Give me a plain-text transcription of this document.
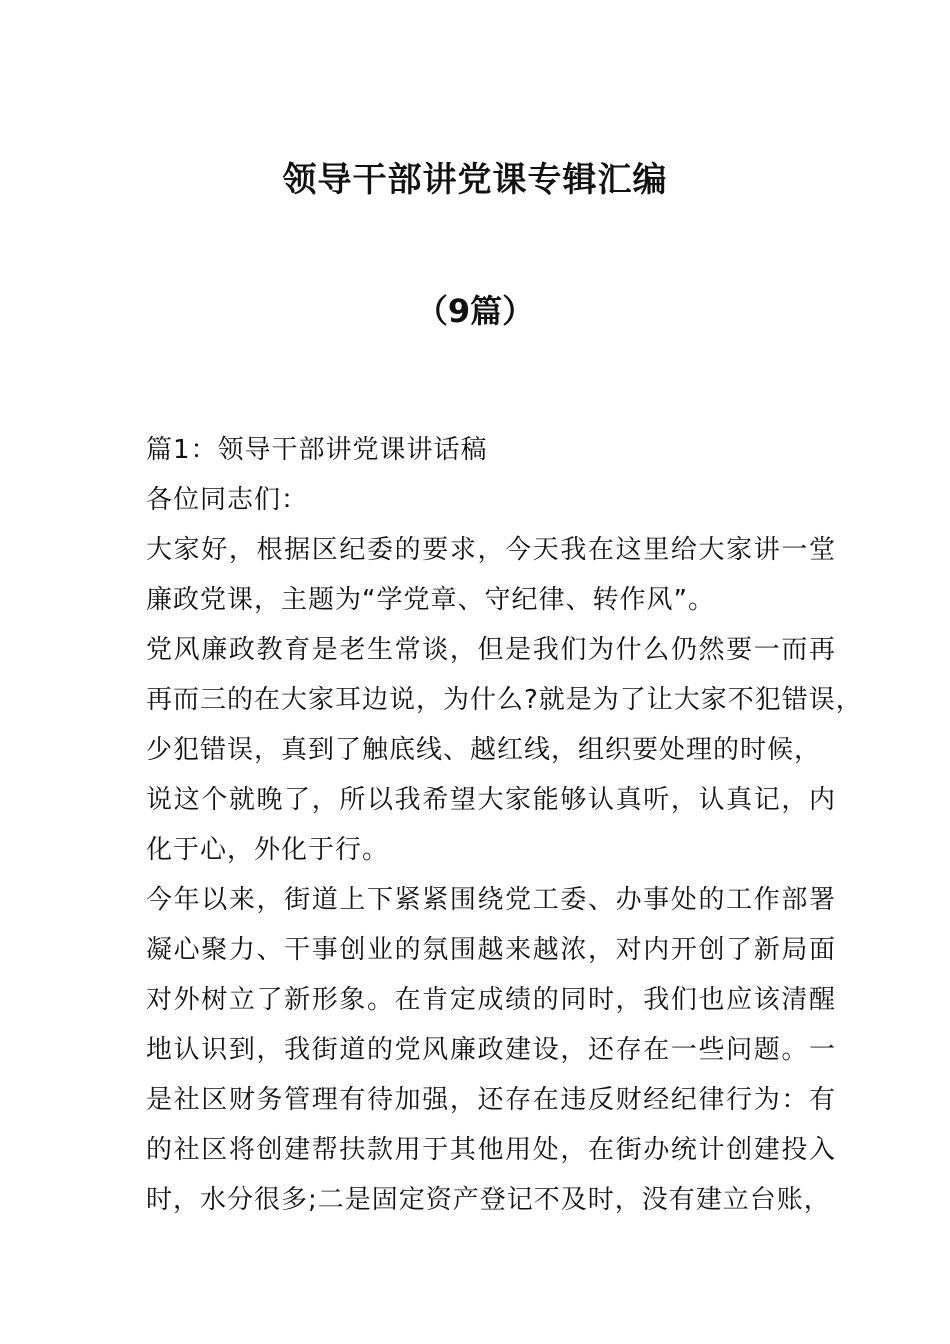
领导干部讲党课专辑汇编
（9篇）
篇1：领导干部讲党课讲话稿
各位同志们：
大家好，根据区纪委的要求，今天我在这里给大家讲一堂
廉政党课，主题为“学党章、守纪律、转作风”。
党风廉政教育是老生常谈，但是我们为什么仍然要一而再
再而三的在大家耳边说，为什么?就是为了让大家不犯错误，
少犯错误，真到了触底线、越红线，组织要处理的时候，
说这个就晚了，所以我希望大家能够认真听，认真记，内
化于心，外化于行。
今年以来，街道上下紧紧围绕党工委、办事处的工作部署
凝心聚力、干事创业的氛围越来越浓，对内开创了新局面
对外树立了新形象。在肯定成绩的同时，我们也应该清醒
地认识到，我街道的党风廉政建设，还存在一些问题。一
是社区财务管理有待加强，还存在违反财经纪律行为：有
的社区将创建帮扶款用于其他用处，在街办统计创建投入
时，水分很多;二是固定资产登记不及时，没有建立台账，
